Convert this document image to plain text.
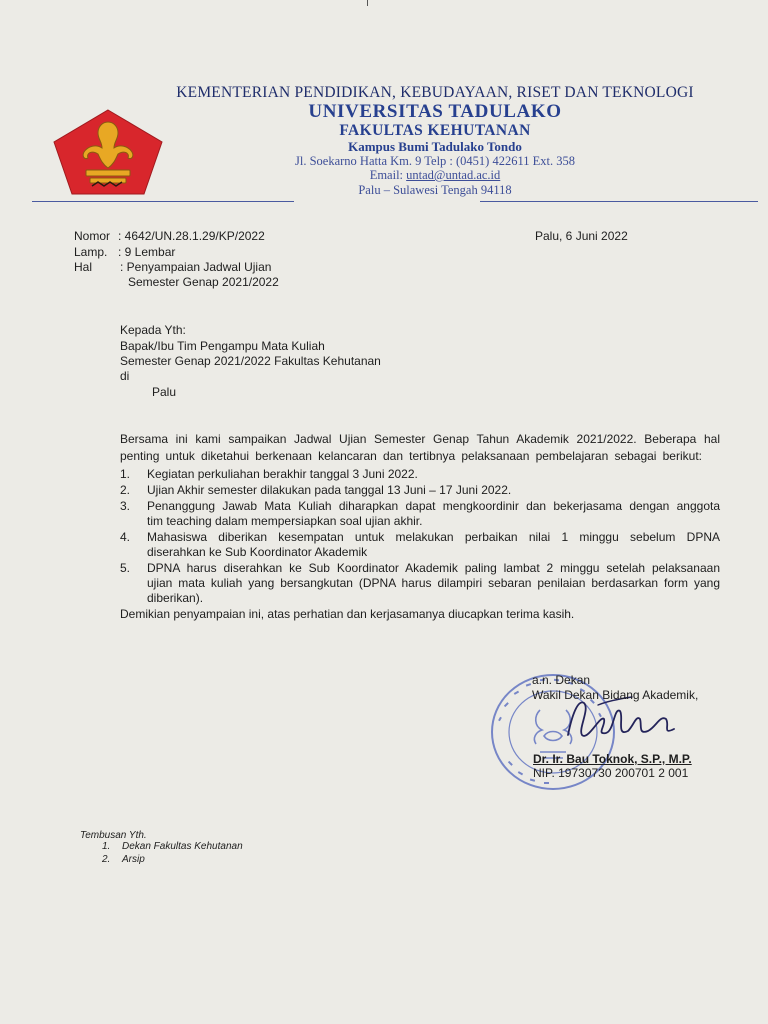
KEMENTERIAN PENDIDIKAN, KEBUDAYAAN, RISET DAN TEKNOLOGI
UNIVERSITAS TADULAKO
FAKULTAS KEHUTANAN
Kampus Bumi Tadulako Tondo
Jl. Soekarno Hatta Km. 9 Telp : (0451) 422611 Ext. 358
Email: untad@untad.ac.id
Palu – Sulawesi Tengah 94118
Nomor : 4642/UN.28.1.29/KP/2022
Lamp. : 9 Lembar
Hal	: Penyampaian Jadwal Ujian
Semester Genap 2021/2022
Palu, 6 Juni 2022
Kepada Yth:
Bapak/Ibu Tim Pengampu Mata Kuliah
Semester Genap 2021/2022 Fakultas Kehutanan
di
Palu
Bersama ini kami sampaikan Jadwal Ujian Semester Genap Tahun Akademik 2021/2022. Beberapa hal
penting untuk diketahui berkenaan kelancaran dan tertibnya pelaksanaan pembelajaran sebagai berikut:
1. Kegiatan perkuliahan berakhir tanggal 3 Juni 2022.
2. Ujian Akhir semester dilakukan pada tanggal 13 Juni – 17 Juni 2022.
3. Penanggung Jawab Mata Kuliah diharapkan dapat mengkoordinir dan bekerjasama dengan anggota
tim teaching dalam mempersiapkan soal ujian akhir.
4. Mahasiswa diberikan kesempatan untuk melakukan perbaikan nilai 1 minggu sebelum DPNA
diserahkan ke Sub Koordinator Akademik
5. DPNA harus diserahkan ke Sub Koordinator Akademik paling lambat 2 minggu setelah pelaksanaan
ujian mata kuliah yang bersangkutan (DPNA harus dilampiri sebaran penilaian berdasarkan form yang
diberikan).
Demikian penyampaian ini, atas perhatian dan kerjasamanya diucapkan terima kasih.
a.n. Dekan
Wakil Dekan Bidang Akademik,
Dr. Ir. Bau Toknok, S.P., M.P.
NIP. 19730730 200701 2 001
Tembusan Yth.
1. Dekan Fakultas Kehutanan
2. Arsip
